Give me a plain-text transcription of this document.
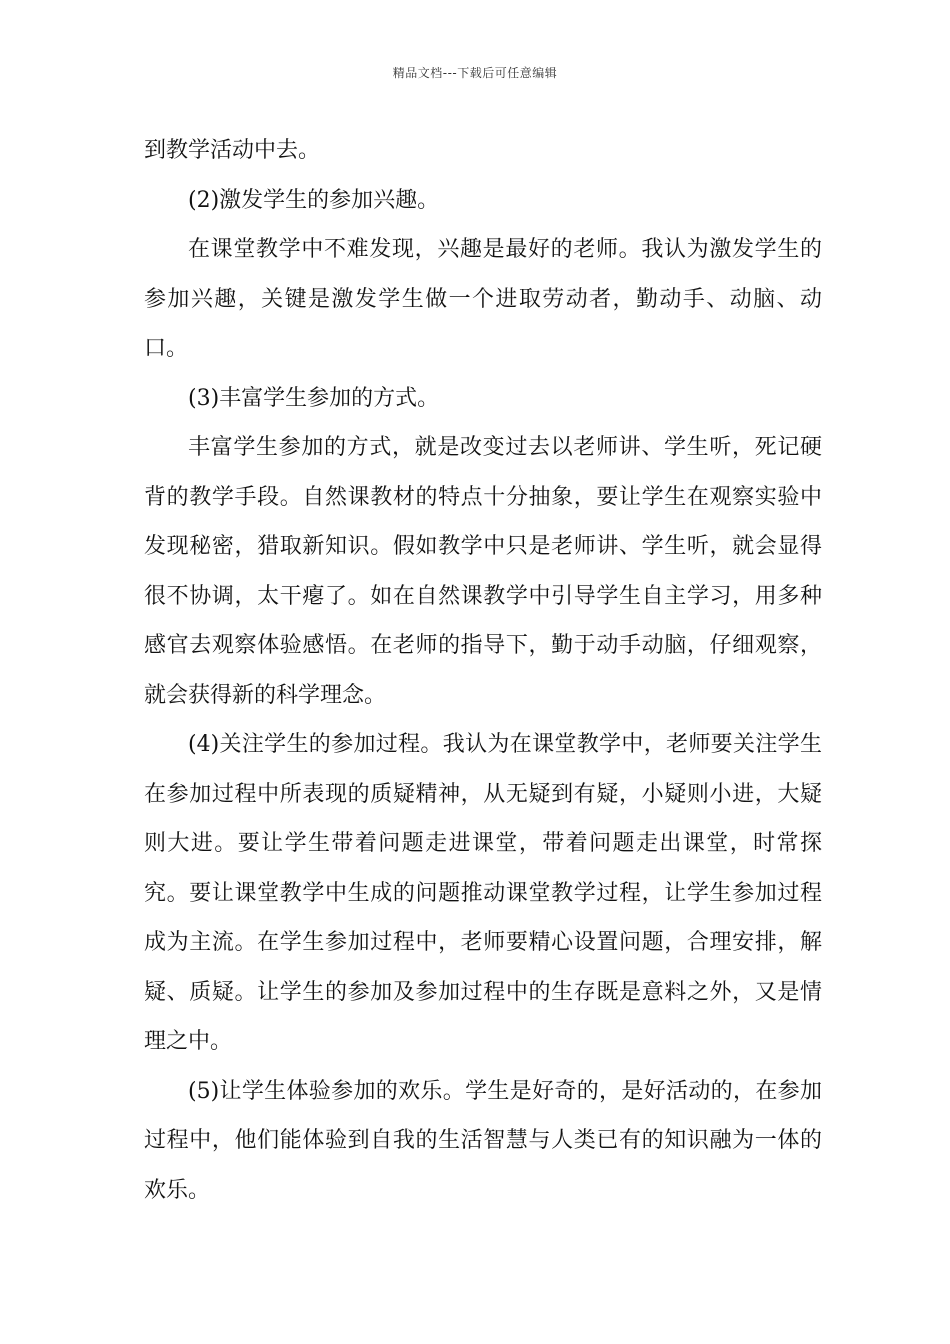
精品文档---下载后可任意编辑

到教学活动中去。

(2)激发学生的参加兴趣。

在课堂教学中不难发现，兴趣是最好的老师。我认为激发学生的参加兴趣，关键是激发学生做一个进取劳动者，勤动手、动脑、动口。

(3)丰富学生参加的方式。

丰富学生参加的方式，就是改变过去以老师讲、学生听，死记硬背的教学手段。自然课教材的特点十分抽象，要让学生在观察实验中发现秘密，猎取新知识。假如教学中只是老师讲、学生听，就会显得很不协调，太干瘪了。如在自然课教学中引导学生自主学习，用多种感官去观察体验感悟。在老师的指导下，勤于动手动脑，仔细观察，就会获得新的科学理念。

(4)关注学生的参加过程。我认为在课堂教学中，老师要关注学生在参加过程中所表现的质疑精神，从无疑到有疑，小疑则小进，大疑则大进。要让学生带着问题走进课堂，带着问题走出课堂，时常探究。要让课堂教学中生成的问题推动课堂教学过程，让学生参加过程成为主流。在学生参加过程中，老师要精心设置问题，合理安排，解疑、质疑。让学生的参加及参加过程中的生存既是意料之外，又是情理之中。

(5)让学生体验参加的欢乐。学生是好奇的，是好活动的，在参加过程中，他们能体验到自我的生活智慧与人类已有的知识融为一体的欢乐。
